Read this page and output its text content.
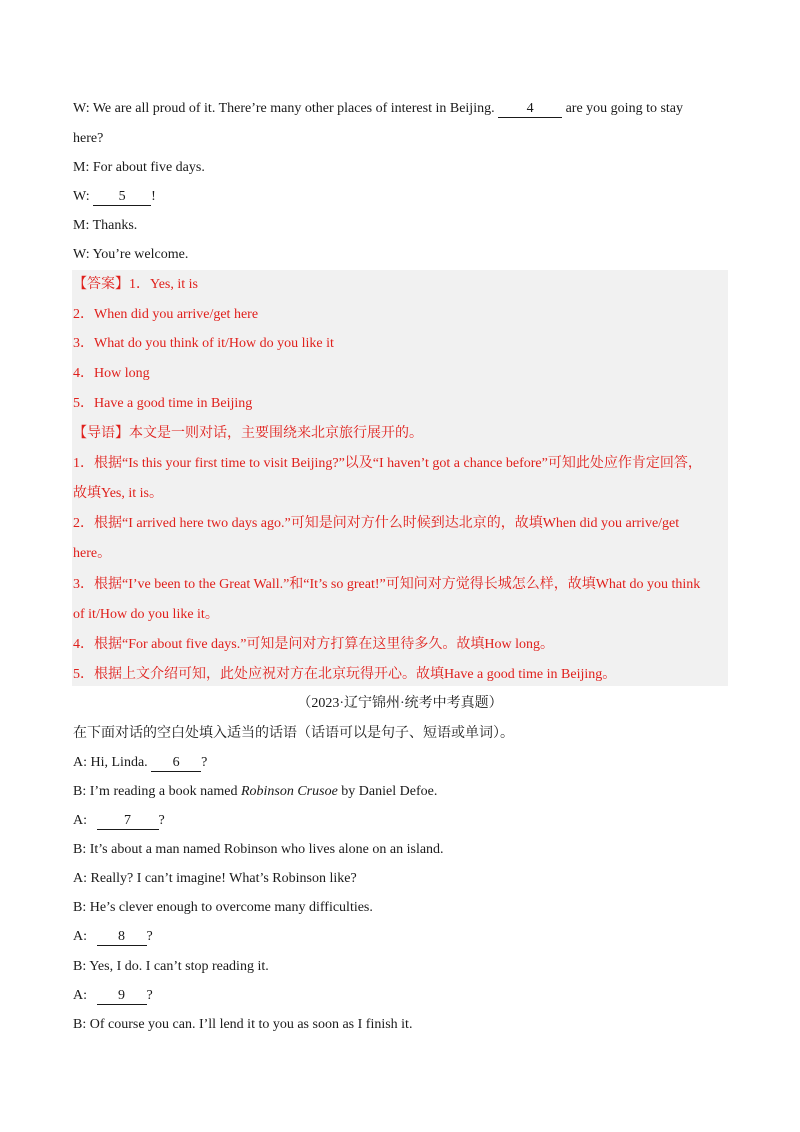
W: We are all proud of it. There’re many other places of interest in Beijing. 4 are you going to stay
here?
M: For about five days.
W: 5 !
M: Thanks.
W: You’re welcome.
【答案】1．Yes, it is
2．When did you arrive/get here
3．What do you think of it/How do you like it
4．How long
5．Have a good time in Beijing
【导语】本文是一则对话，主要围绕来北京旅行展开的。
1．根据“Is this your first time to visit Beijing?”以及“I haven’t got a chance before”可知此处应作肯定回答，
故填Yes, it is。
2．根据“I arrived here two days ago.”可知是问对方什么时候到达北京的，故填When did you arrive/get
here。
3．根据“I’ve been to the Great Wall.”和“It’s so great!”可知问对方觉得长城怎么样，故填What do you think
of it/How do you like it。
4．根据“For about five days.”可知是问对方打算在这里待多久。故填How long。
5．根据上文介绍可知，此处应祝对方在北京玩得开心。故填Have a good time in Beijing。
（2023·辽宁锦州·统考中考真题）
在下面对话的空白处填入适当的话语（话语可以是句子、短语或单词）。
A: Hi, Linda. 6 ?
B: I’m reading a book named Robinson Crusoe by Daniel Defoe.
A: 7 ?
B: It’s about a man named Robinson who lives alone on an island.
A: Really? I can’t imagine! What’s Robinson like?
B: He’s clever enough to overcome many difficulties.
A: 8 ?
B: Yes, I do. I can’t stop reading it.
A: 9 ?
B: Of course you can. I’ll lend it to you as soon as I finish it.
